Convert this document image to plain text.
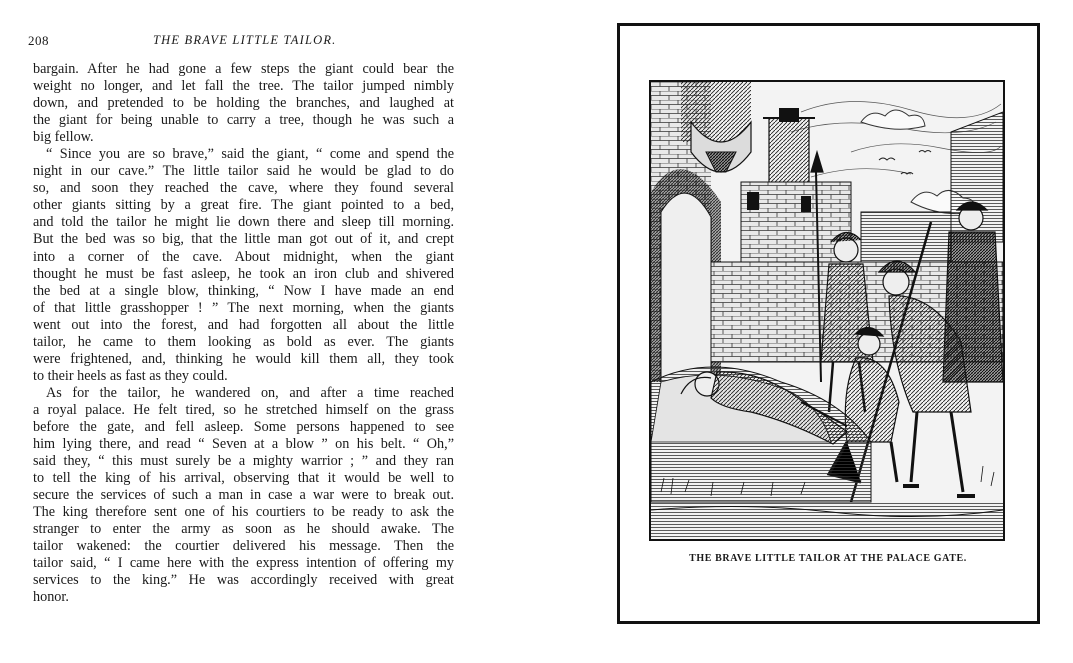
208	THE BRAVE LITTLE TAILOR.
bargain. After he had gone a few steps the giant could bear the
weight no longer, and let fall the tree. The tailor jumped nimbly
down, and pretended to be holding the branches, and laughed at
the giant for being unable to carry a tree, though he was such a
big fellow.
“ Since you are so brave,” said the giant, “ come and spend the
night in our cave.” The little tailor said he would be glad to do
so, and soon they reached the cave, where they found several
other giants sitting by a great fire. The giant pointed to a bed,
and told the tailor he might lie down there and sleep till morning.
But the bed was so big, that the little man got out of it, and crept
into a corner of the cave. About midnight, when the giant
thought he must be fast asleep, he took an iron club and shivered
the bed at a single blow, thinking, “ Now I have made an end
of that little grasshopper ! ” The next morning, when the giants
went out into the forest, and had forgotten all about the little
tailor, he came to them looking as bold as ever. The giants
were frightened, and, thinking he would kill them all, they took
to their heels as fast as they could.
As for the tailor, he wandered on, and after a time reached
a royal palace. He felt tired, so he stretched himself on the grass
before the gate, and fell asleep. Some persons happened to see
him lying there, and read “ Seven at a blow ” on his belt. “ Oh,”
said they, “ this must surely be a mighty warrior ; ” and they ran
to tell the king of his arrival, observing that it would be well to
secure the services of such a man in case a war were to break out.
The king therefore sent one of his courtiers to be ready to ask the
stranger to enter the army as soon as he should awake. The
tailor wakened: the courtier delivered his message. Then the
tailor said, “ I came here with the express intention of offering my
services to the king.” He was accordingly received with great
honor.
THE BRAVE LITTLE TAILOR AT THE PALACE GATE.
